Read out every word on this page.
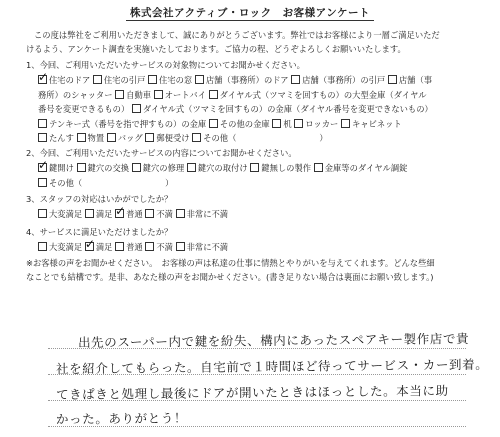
株式会社アクティブ・ロック　お客様アンケート
この度は弊社をご利用いただきまして、誠にありがとうございます。弊社ではお客様により一層ご満足いただ
けるよう、アンケート調査を実施いたしております。ご協力の程、どうぞよろしくお願いいたします。
1、今回、ご利用いただいたサービスの対象物についてお聞かせください。
✓住宅のドア 住宅の引戸 住宅の窓 店舗（事務所）のドア 店舗（事務所）の引戸 店舗（事
務所）のシャッター 自動車 オートバイ ダイヤル式（ツマミを回すもの）の大型金庫（ダイヤル
番号を変更できるもの） ダイヤル式（ツマミを回すもの）の金庫（ダイヤル番号を変更できないもの）
テンキー式（番号を指で押すもの）の金庫 その他の金庫 机 ロッカー キャビネット
たんす 物置 バッグ 郵便受け その他（　　　　　　　　　　）
2、今回、ご利用いただいたサービスの内容についてお聞かせください。
✓鍵開け 鍵穴の交換 鍵穴の修理 鍵穴の取付け 鍵無しの製作 金庫等のダイヤル調錠
その他（　　　　　　　　　　）
3、スタッフの対応はいかがでしたか？
大変満足 満足 ✓ 普通 不満 非常に不満
4、サービスに満足いただけましたか？
大変満足 ✓ 満足 普通 不満 非常に不満
※お客様の声をお聞かせください。　お客様の声は私達の仕事に情熱とやりがいを与えてくれます。どんな些細
なことでも結構です。是非、あなた様の声をお聞かせください。(書き足りない場合は裏面にお願い致します。)
出先のスーパー内で鍵を紛失、構内にあったスペアキー製作店で貴
社を紹介してもらった。自宅前で１時間ほど待ってサービス・カー到着。
てきぱきと処理し最後にドアが開いたときはほっとした。本当に助
かった。ありがとう！
